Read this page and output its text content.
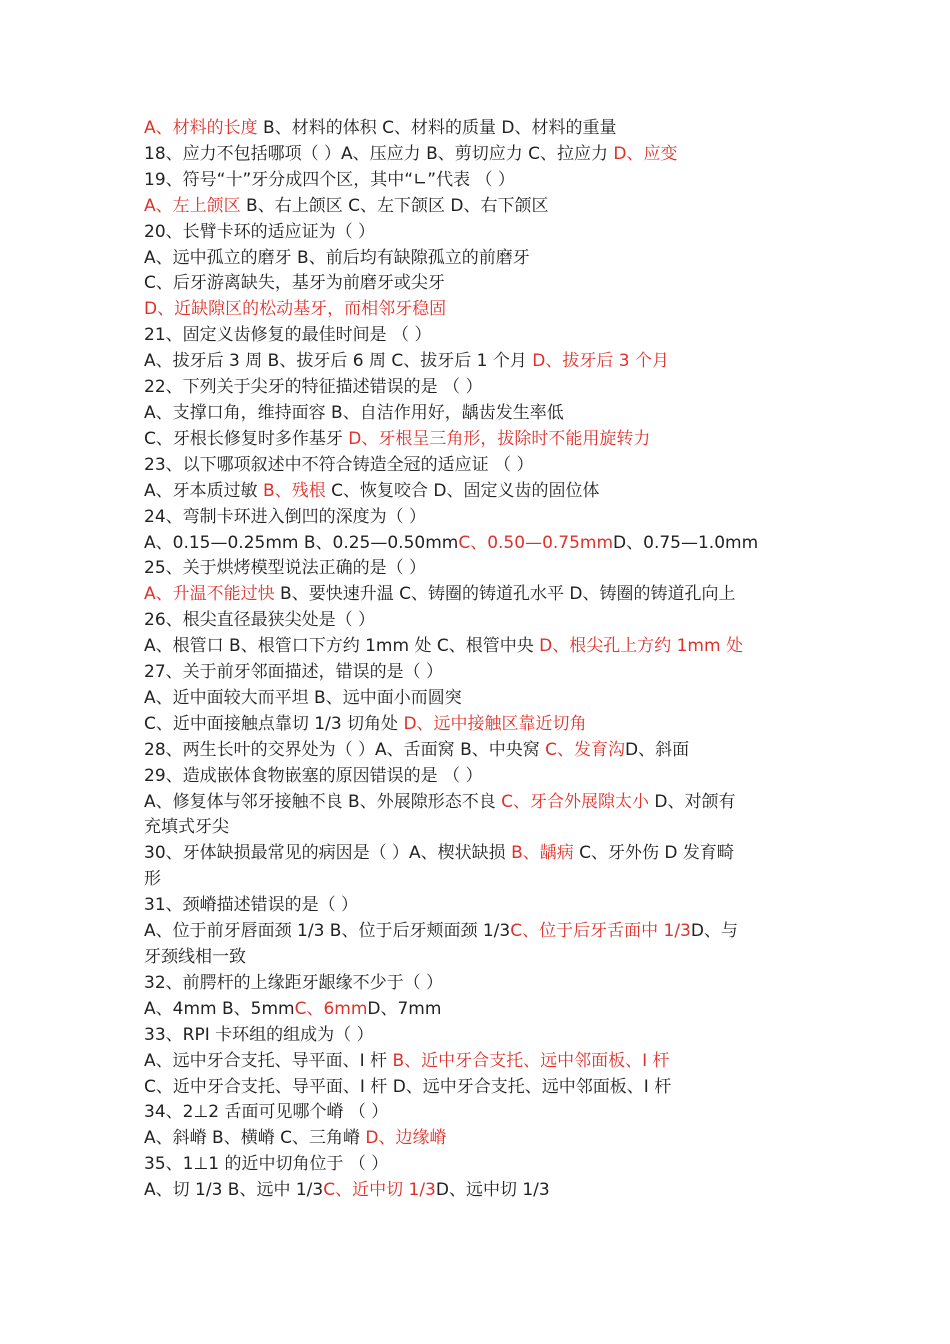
A、材料的长度 B、材料的体积 C、材料的质量 D、材料的重量
18、应力不包括哪项（ ）A、压应力 B、剪切应力 C、拉应力 D、应变
19、符号“十”牙分成四个区，其中“∟”代表 （ ）
A、左上颌区 B、右上颌区 C、左下颌区 D、右下颌区
20、长臂卡环的适应证为（ ）
A、远中孤立的磨牙 B、前后均有缺隙孤立的前磨牙
C、后牙游离缺失，基牙为前磨牙或尖牙
D、近缺隙区的松动基牙，而相邻牙稳固
21、固定义齿修复的最佳时间是 （ ）
A、拔牙后 3 周 B、拔牙后 6 周 C、拔牙后 1 个月 D、拔牙后 3 个月
22、下列关于尖牙的特征描述错误的是 （ ）
A、支撑口角，维持面容 B、自洁作用好，龋齿发生率低
C、牙根长修复时多作基牙 D、牙根呈三角形，拔除时不能用旋转力
23、以下哪项叙述中不符合铸造全冠的适应证 （ ）
A、牙本质过敏 B、残根 C、恢复咬合 D、固定义齿的固位体
24、弯制卡环进入倒凹的深度为（ ）
A、0.15—0.25mm B、0.25—0.50mmC、0.50—0.75mmD、0.75—1.0mm
25、关于烘烤模型说法正确的是（ ）
A、升温不能过快 B、要快速升温 C、铸圈的铸道孔水平 D、铸圈的铸道孔向上
26、根尖直径最狭尖处是（ ）
A、根管口 B、根管口下方约 1mm 处 C、根管中央 D、根尖孔上方约 1mm 处
27、关于前牙邻面描述，错误的是（ ）
A、近中面较大而平坦 B、远中面小而圆突
C、近中面接触点靠切 1/3 切角处 D、远中接触区靠近切角
28、两生长叶的交界处为（ ）A、舌面窝 B、中央窝 C、发育沟D、斜面
29、造成嵌体食物嵌塞的原因错误的是 （ ）
A、修复体与邻牙接触不良 B、外展隙形态不良 C、牙合外展隙太小 D、对颌有
充填式牙尖
30、牙体缺损最常见的病因是（ ）A、楔状缺损 B、龋病 C、牙外伤 D 发育畸
形
31、颈嵴描述错误的是（ ）
A、位于前牙唇面颈 1/3 B、位于后牙颊面颈 1/3C、位于后牙舌面中 1/3D、与
牙颈线相一致
32、前腭杆的上缘距牙龈缘不少于（ ）
A、4mm B、5mmC、6mmD、7mm
33、RPI 卡环组的组成为（ ）
A、远中牙合支托、导平面、I 杆 B、近中牙合支托、远中邻面板、I 杆
C、近中牙合支托、导平面、I 杆 D、远中牙合支托、远中邻面板、I 杆
34、2⊥2 舌面可见哪个嵴 （ ）
A、斜嵴 B、横嵴 C、三角嵴 D、边缘嵴
35、1⊥1 的近中切角位于 （ ）
A、切 1/3 B、远中 1/3C、近中切 1/3D、远中切 1/3
